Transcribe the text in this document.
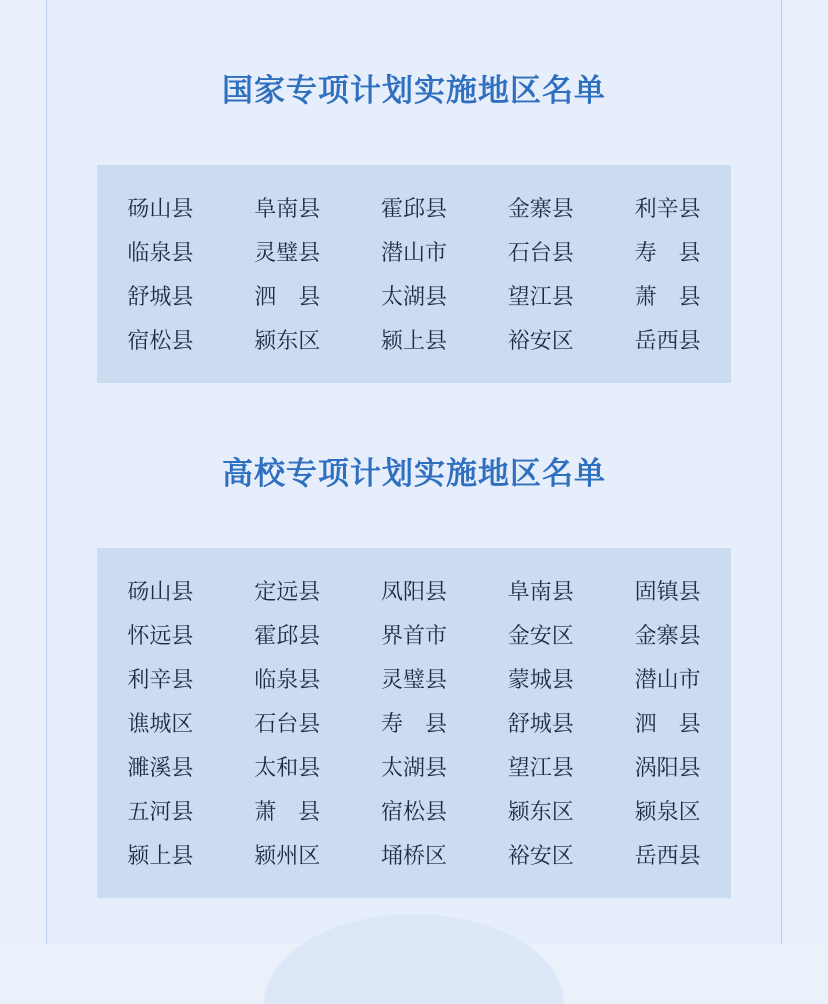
国家专项计划实施地区名单
砀山县	阜南县	霍邱县	金寨县	利辛县
临泉县	灵璧县	潜山市	石台县	寿　县
舒城县	泗　县	太湖县	望江县	萧　县
宿松县	颍东区	颍上县	裕安区	岳西县
高校专项计划实施地区名单
砀山县	定远县	凤阳县	阜南县	固镇县
怀远县	霍邱县	界首市	金安区	金寨县
利辛县	临泉县	灵璧县	蒙城县	潜山市
谯城区	石台县	寿　县	舒城县	泗　县
濉溪县	太和县	太湖县	望江县	涡阳县
五河县	萧　县	宿松县	颍东区	颍泉区
颍上县	颍州区	埇桥区	裕安区	岳西县
